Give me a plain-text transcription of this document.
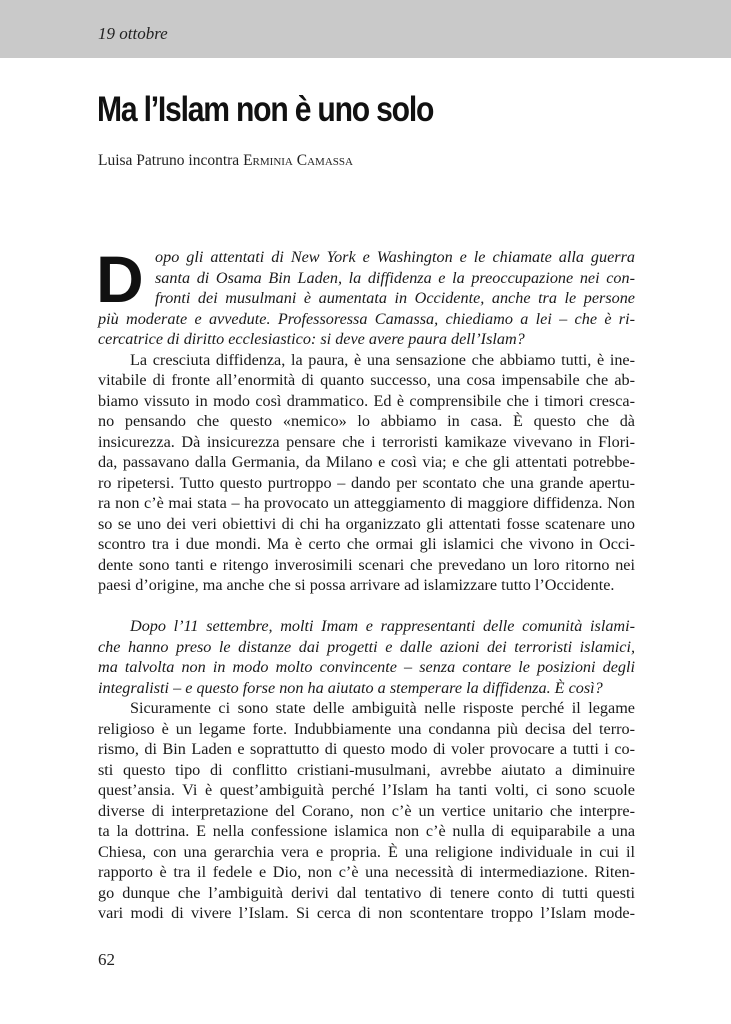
19 ottobre
Ma l’Islam non è uno solo
Luisa Patruno incontra Erminia Camassa
D opo gli attentati di New York e Washington e le chiamate alla guerra
santa di Osama Bin Laden, la diffidenza e la preoccupazione nei con-
fronti dei musulmani è aumentata in Occidente, anche tra le persone
più moderate e avvedute. Professoressa Camassa, chiediamo a lei – che è ri-
cercatrice di diritto ecclesiastico: si deve avere paura dell’Islam?
La cresciuta diffidenza, la paura, è una sensazione che abbiamo tutti, è ine-
vitabile di fronte all’enormità di quanto successo, una cosa impensabile che ab-
biamo vissuto in modo così drammatico. Ed è comprensibile che i timori cresca-
no pensando che questo «nemico» lo abbiamo in casa. È questo che dà
insicurezza. Dà insicurezza pensare che i terroristi kamikaze vivevano in Flori-
da, passavano dalla Germania, da Milano e così via; e che gli attentati potrebbe-
ro ripetersi. Tutto questo purtroppo – dando per scontato che una grande apertu-
ra non c’è mai stata – ha provocato un atteggiamento di maggiore diffidenza. Non
so se uno dei veri obiettivi di chi ha organizzato gli attentati fosse scatenare uno
scontro tra i due mondi. Ma è certo che ormai gli islamici che vivono in Occi-
dente sono tanti e ritengo inverosimili scenari che prevedano un loro ritorno nei
paesi d’origine, ma anche che si possa arrivare ad islamizzare tutto l’Occidente.
Dopo l’11 settembre, molti Imam e rappresentanti delle comunità islami-
che hanno preso le distanze dai progetti e dalle azioni dei terroristi islamici,
ma talvolta non in modo molto convincente – senza contare le posizioni degli
integralisti – e questo forse non ha aiutato a stemperare la diffidenza. È così?
Sicuramente ci sono state delle ambiguità nelle risposte perché il legame
religioso è un legame forte. Indubbiamente una condanna più decisa del terro-
rismo, di Bin Laden e soprattutto di questo modo di voler provocare a tutti i co-
sti questo tipo di conflitto cristiani-musulmani, avrebbe aiutato a diminuire
quest’ansia. Vi è quest’ambiguità perché l’Islam ha tanti volti, ci sono scuole
diverse di interpretazione del Corano, non c’è un vertice unitario che interpre-
ta la dottrina. E nella confessione islamica non c’è nulla di equiparabile a una
Chiesa, con una gerarchia vera e propria. È una religione individuale in cui il
rapporto è tra il fedele e Dio, non c’è una necessità di intermediazione. Riten-
go dunque che l’ambiguità derivi dal tentativo di tenere conto di tutti questi
vari modi di vivere l’Islam. Si cerca di non scontentare troppo l’Islam mode-
62
